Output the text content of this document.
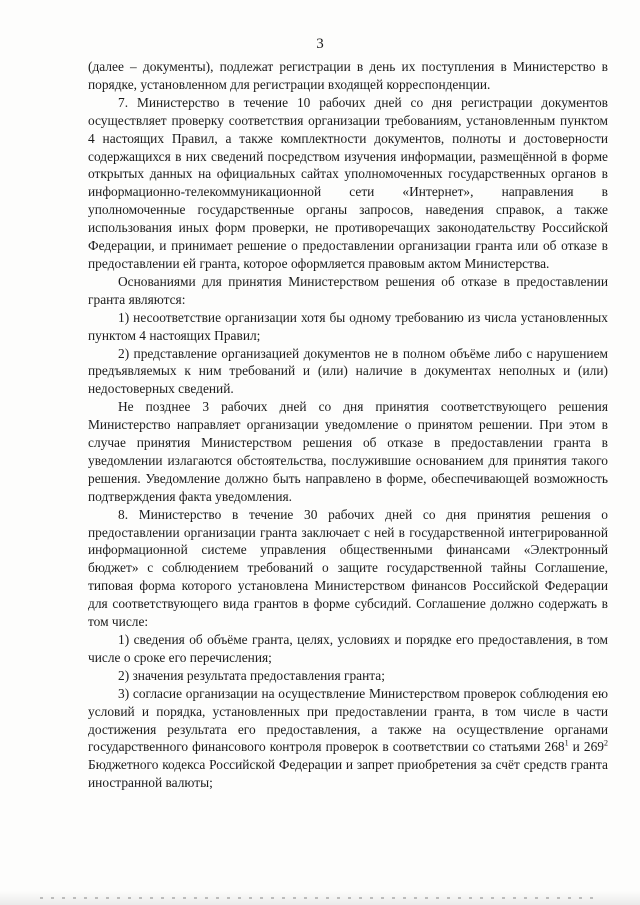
3

(далее – документы), подлежат регистрации в день их поступления в Министерство в порядке, установленном для регистрации входящей корреспонденции.

7. Министерство в течение 10 рабочих дней со дня регистрации документов осуществляет проверку соответствия организации требованиям, установленным пунктом 4 настоящих Правил, а также комплектности документов, полноты и достоверности содержащихся в них сведений посредством изучения информации, размещённой в форме открытых данных на официальных сайтах уполномоченных государственных органов в информационно-телекоммуникационной сети «Интернет», направления в уполномоченные государственные органы запросов, наведения справок, а также использования иных форм проверки, не противоречащих законодательству Российской Федерации, и принимает решение о предоставлении организации гранта или об отказе в предоставлении ей гранта, которое оформляется правовым актом Министерства.

Основаниями для принятия Министерством решения об отказе в предоставлении гранта являются:

1) несоответствие организации хотя бы одному требованию из числа установленных пунктом 4 настоящих Правил;

2) представление организацией документов не в полном объёме либо с нарушением предъявляемых к ним требований и (или) наличие в документах неполных и (или) недостоверных сведений.

Не позднее 3 рабочих дней со дня принятия соответствующего решения Министерство направляет организации уведомление о принятом решении. При этом в случае принятия Министерством решения об отказе в предоставлении гранта в уведомлении излагаются обстоятельства, послужившие основанием для принятия такого решения. Уведомление должно быть направлено в форме, обеспечивающей возможность подтверждения факта уведомления.

8. Министерство в течение 30 рабочих дней со дня принятия решения о предоставлении организации гранта заключает с ней в государственной интегрированной информационной системе управления общественными финансами «Электронный бюджет» с соблюдением требований о защите государственной тайны Соглашение, типовая форма которого установлена Министерством финансов Российской Федерации для соответствующего вида грантов в форме субсидий. Соглашение должно содержать в том числе:

1) сведения об объёме гранта, целях, условиях и порядке его предоставления, в том числе о сроке его перечисления;

2) значения результата предоставления гранта;

3) согласие организации на осуществление Министерством проверок соблюдения ею условий и порядка, установленных при предоставлении гранта, в том числе в части достижения результата его предоставления, а также на осуществление органами государственного финансового контроля проверок в соответствии со статьями $268^1$ и $269^2$ Бюджетного кодекса Российской Федерации и запрет приобретения за счёт средств гранта иностранной валюты;
